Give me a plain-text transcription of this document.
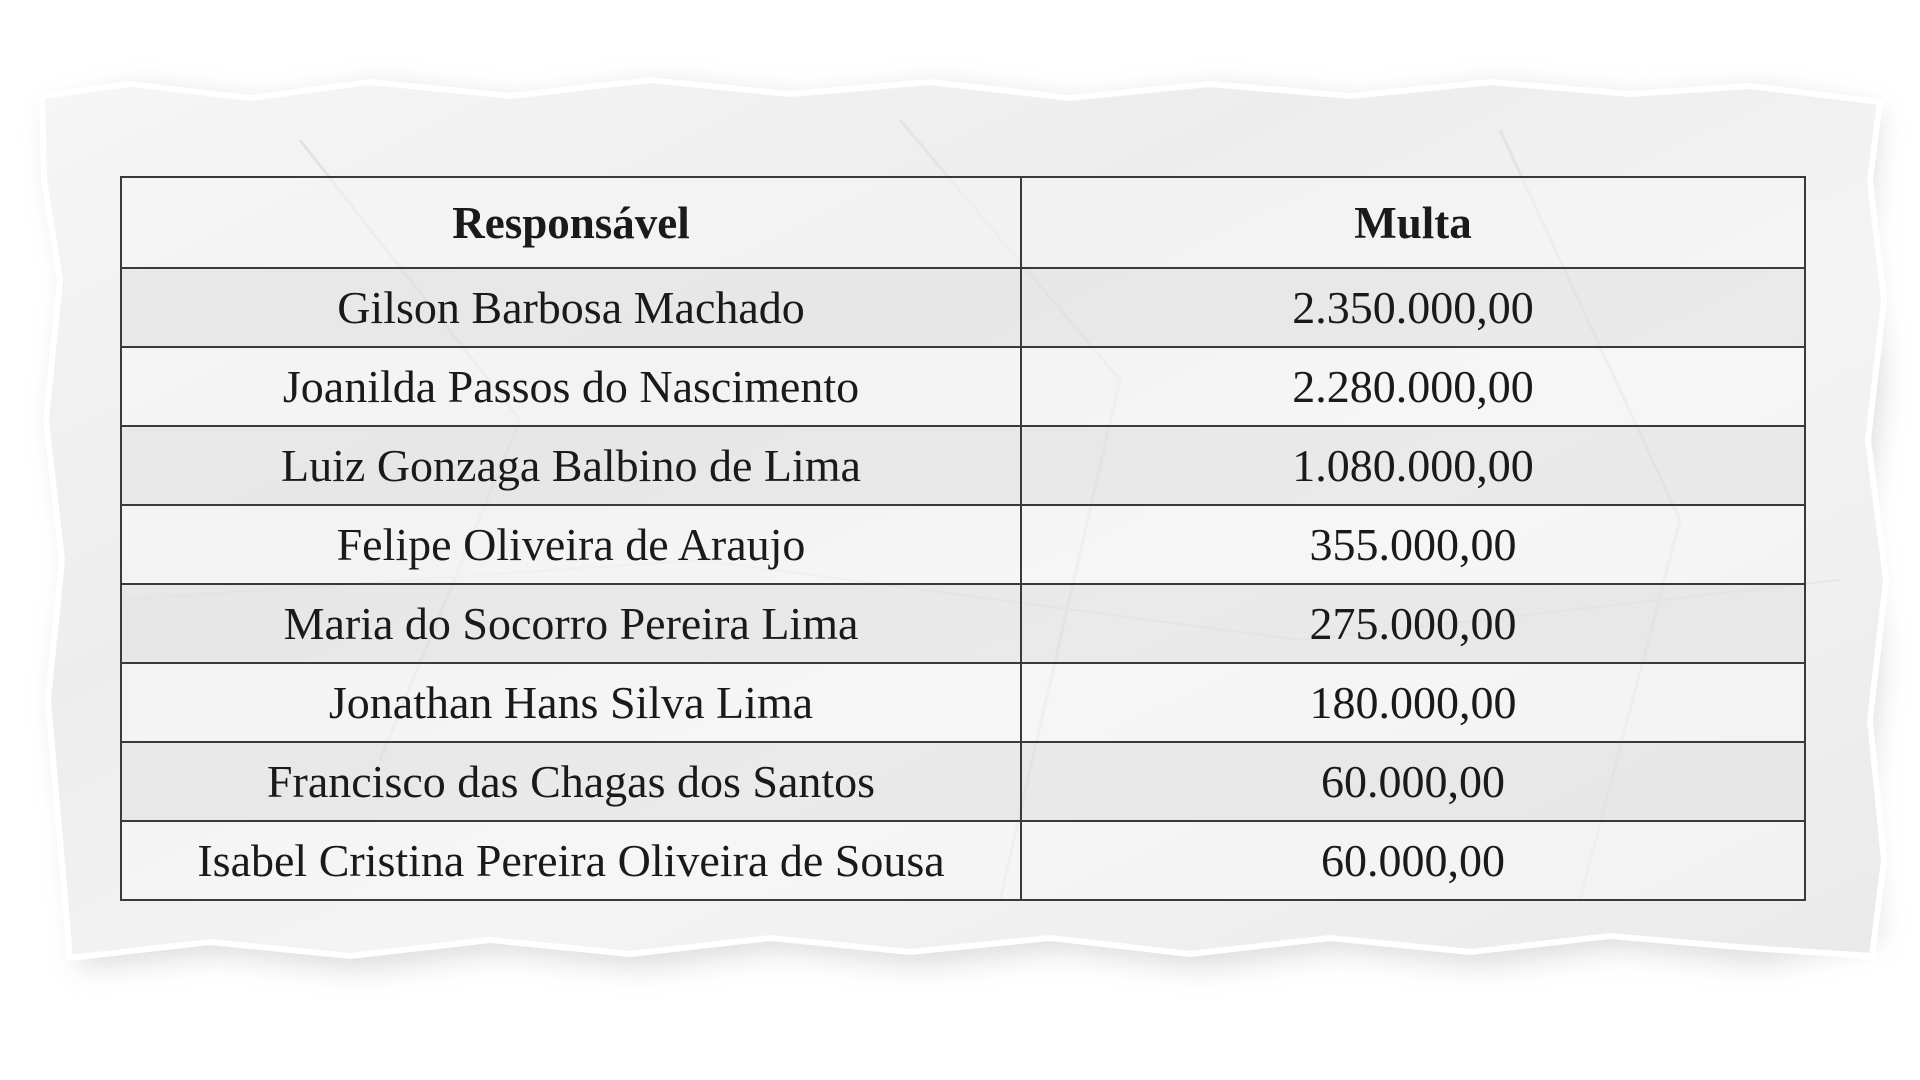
Responsável	Multa
Gilson Barbosa Machado	2.350.000,00
Joanilda Passos do Nascimento	2.280.000,00
Luiz Gonzaga Balbino de Lima	1.080.000,00
Felipe Oliveira de Araujo	355.000,00
Maria do Socorro Pereira Lima	275.000,00
Jonathan Hans Silva Lima	180.000,00
Francisco das Chagas dos Santos	60.000,00
Isabel Cristina Pereira Oliveira de Sousa	60.000,00
